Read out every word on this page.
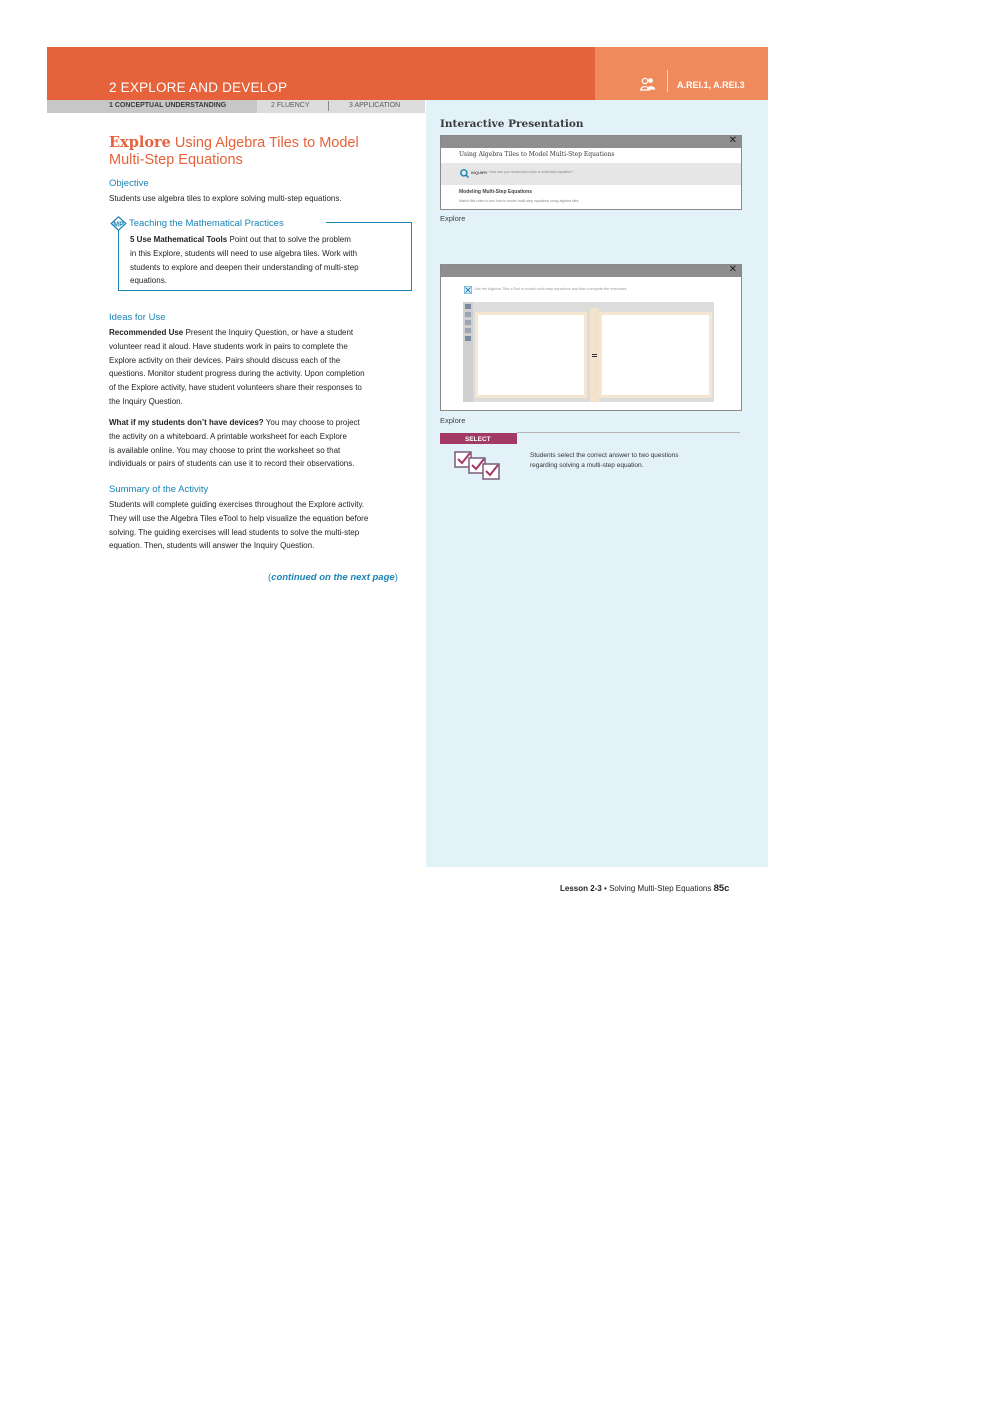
2 EXPLORE AND DEVELOP	A.REI.1, A.REI.3
1 CONCEPTUAL UNDERSTANDING	2 FLUENCY	3 APPLICATION
Interactive Presentation
✕
Using Algebra Tiles to Model Multi-Step Equations
INQUIRY How can you model and solve a multi-step equation?
Modeling Multi-Step Equations
Watch this video to see how to model multi-step equations using algebra tiles.
Explore
✕
Use the Algebra Tiles eTool to model multi-step equations and then complete the exercises.
Explore
SELECT
Students select the correct answer to two questions
regarding solving a multi-step equation.
Explore Using Algebra Tiles to Model
Multi-Step Equations
Objective
Students use algebra tiles to explore solving multi-step equations.
MP Teaching the Mathematical Practices
5 Use Mathematical Tools Point out that to solve the problem
in this Explore, students will need to use algebra tiles. Work with
students to explore and deepen their understanding of multi-step
equations.
Ideas for Use
Recommended Use Present the Inquiry Question, or have a student
volunteer read it aloud. Have students work in pairs to complete the
Explore activity on their devices. Pairs should discuss each of the
questions. Monitor student progress during the activity. Upon completion
of the Explore activity, have student volunteers share their responses to
the Inquiry Question.
What if my students don’t have devices? You may choose to project
the activity on a whiteboard. A printable worksheet for each Explore
is available online. You may choose to print the worksheet so that
individuals or pairs of students can use it to record their observations.
Summary of the Activity
Students will complete guiding exercises throughout the Explore activity.
They will use the Algebra Tiles eTool to help visualize the equation before
solving. The guiding exercises will lead students to solve the multi-step
equation. Then, students will answer the Inquiry Question.
(continued on the next page)
Lesson 2-3 • Solving Multi-Step Equations 85c
